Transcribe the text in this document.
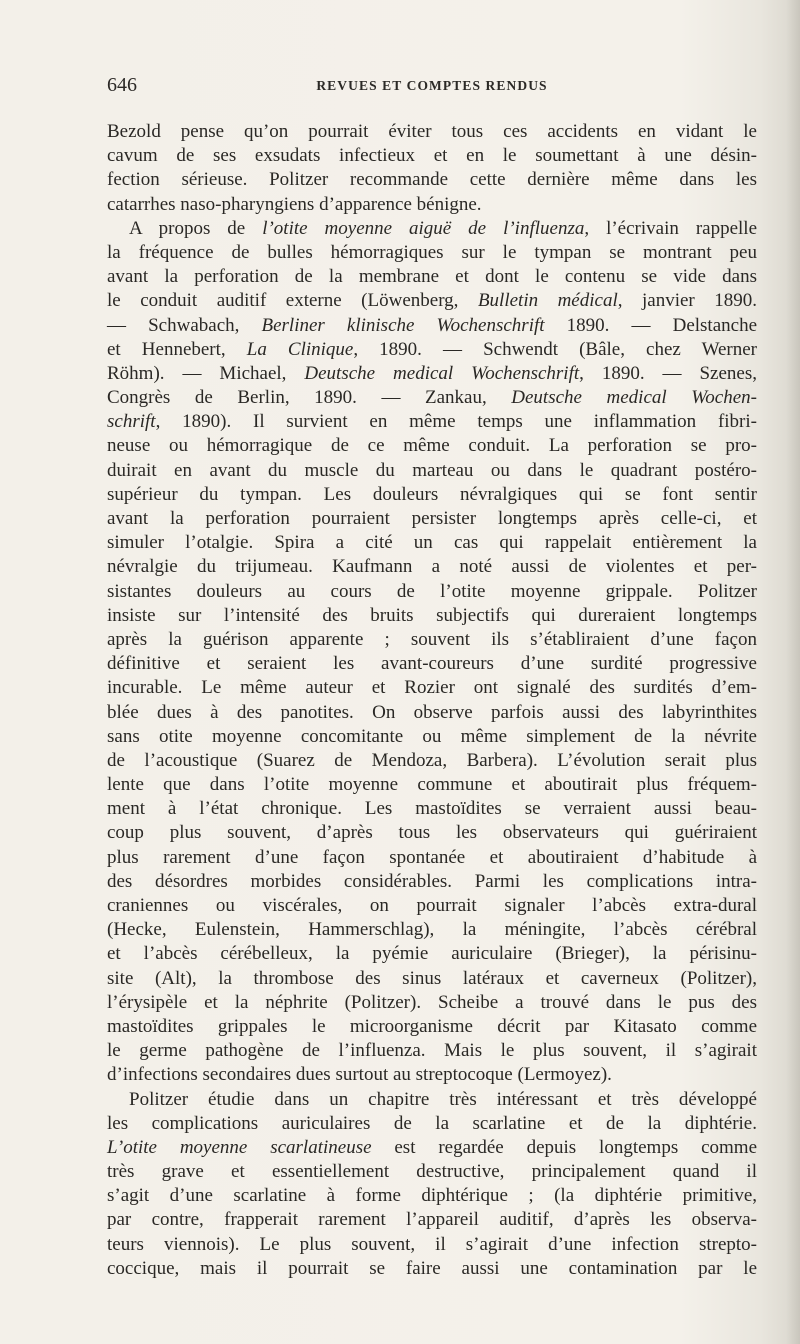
646	REVUES ET COMPTES RENDUS
Bezold pense qu’on pourrait éviter tous ces accidents en vidant le
cavum de ses exsudats infectieux et en le soumettant à une désin-
fection sérieuse. Politzer recommande cette dernière même dans les
catarrhes naso-pharyngiens d’apparence bénigne.
A propos de l’otite moyenne aiguë de l’influenza, l’écrivain rappelle
la fréquence de bulles hémorragiques sur le tympan se montrant peu
avant la perforation de la membrane et dont le contenu se vide dans
le conduit auditif externe (Löwenberg, Bulletin médical, janvier 1890.
— Schwabach, Berliner klinische Wochenschrift 1890. — Delstanche
et Hennebert, La Clinique, 1890. — Schwendt (Bâle, chez Werner
Röhm). — Michael, Deutsche medical Wochenschrift, 1890. — Szenes,
Congrès de Berlin, 1890. — Zankau, Deutsche medical Wochen-
schrift, 1890). Il survient en même temps une inflammation fibri-
neuse ou hémorragique de ce même conduit. La perforation se pro-
duirait en avant du muscle du marteau ou dans le quadrant postéro-
supérieur du tympan. Les douleurs névralgiques qui se font sentir
avant la perforation pourraient persister longtemps après celle-ci, et
simuler l’otalgie. Spira a cité un cas qui rappelait entièrement la
névralgie du trijumeau. Kaufmann a noté aussi de violentes et per-
sistantes douleurs au cours de l’otite moyenne grippale. Politzer
insiste sur l’intensité des bruits subjectifs qui dureraient longtemps
après la guérison apparente ; souvent ils s’établiraient d’une façon
définitive et seraient les avant-coureurs d’une surdité progressive
incurable. Le même auteur et Rozier ont signalé des surdités d’em-
blée dues à des panotites. On observe parfois aussi des labyrinthites
sans otite moyenne concomitante ou même simplement de la névrite
de l’acoustique (Suarez de Mendoza, Barbera). L’évolution serait plus
lente que dans l’otite moyenne commune et aboutirait plus fréquem-
ment à l’état chronique. Les mastoïdites se verraient aussi beau-
coup plus souvent, d’après tous les observateurs qui guériraient
plus rarement d’une façon spontanée et aboutiraient d’habitude à
des désordres morbides considérables. Parmi les complications intra-
craniennes ou viscérales, on pourrait signaler l’abcès extra-dural
(Hecke, Eulenstein, Hammerschlag), la méningite, l’abcès cérébral
et l’abcès cérébelleux, la pyémie auriculaire (Brieger), la périsinu-
site (Alt), la thrombose des sinus latéraux et caverneux (Politzer),
l’érysipèle et la néphrite (Politzer). Scheibe a trouvé dans le pus des
mastoïdites grippales le microorganisme décrit par Kitasato comme
le germe pathogène de l’influenza. Mais le plus souvent, il s’agirait
d’infections secondaires dues surtout au streptocoque (Lermoyez).
Politzer étudie dans un chapitre très intéressant et très développé
les complications auriculaires de la scarlatine et de la diphtérie.
L’otite moyenne scarlatineuse est regardée depuis longtemps comme
très grave et essentiellement destructive, principalement quand il
s’agit d’une scarlatine à forme diphtérique ; (la diphtérie primitive,
par contre, frapperait rarement l’appareil auditif, d’après les observa-
teurs viennois). Le plus souvent, il s’agirait d’une infection strepto-
coccique, mais il pourrait se faire aussi une contamination par le
